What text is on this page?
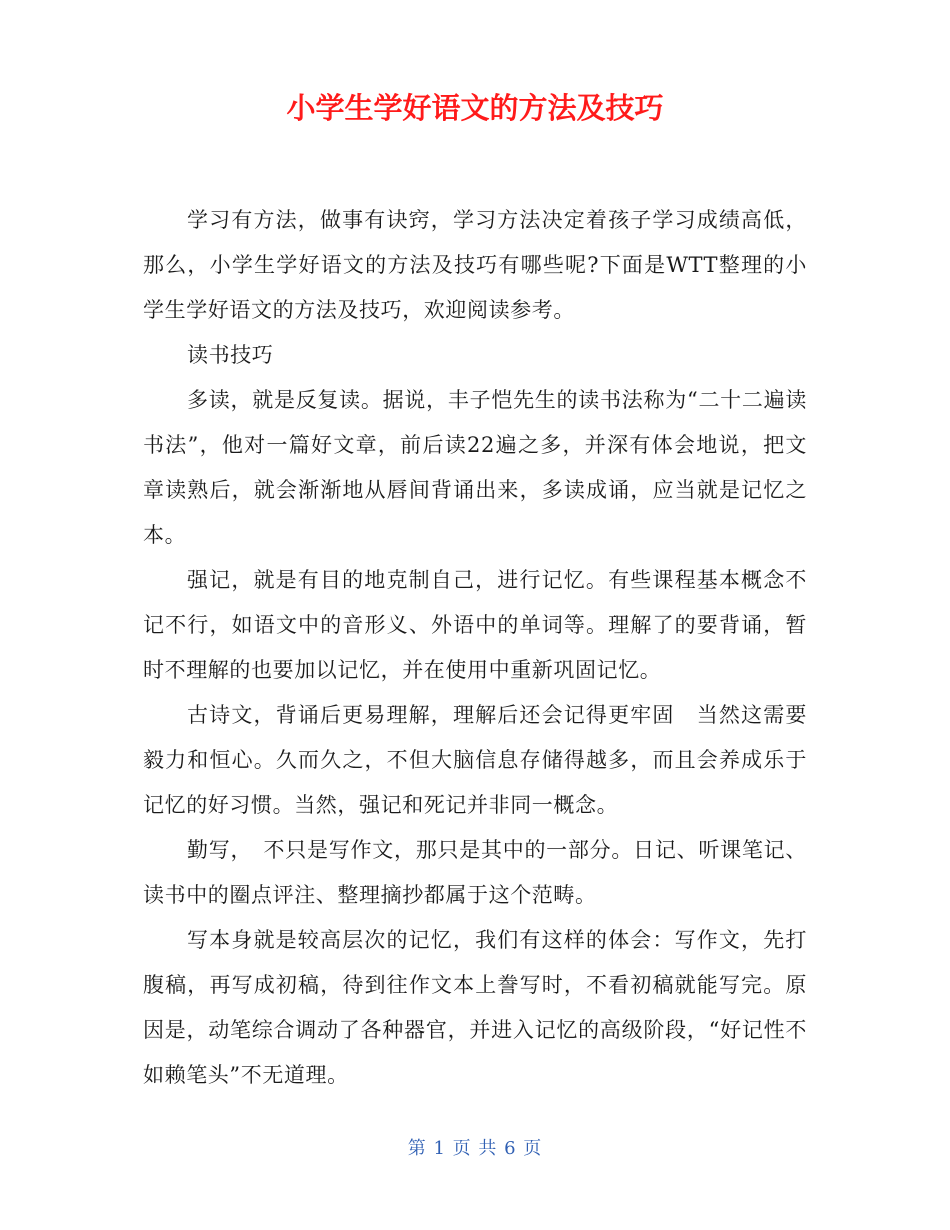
小学生学好语文的方法及技巧

学习有方法，做事有诀窍，学习方法决定着孩子学习成绩高低，那么，小学生学好语文的方法及技巧有哪些呢?下面是WTT整理的小学生学好语文的方法及技巧，欢迎阅读参考。

读书技巧

多读，就是反复读。据说，丰子恺先生的读书法称为“二十二遍读书法”，他对一篇好文章，前后读22遍之多，并深有体会地说，把文章读熟后，就会渐渐地从唇间背诵出来，多读成诵，应当就是记忆之本。

强记，就是有目的地克制自己，进行记忆。有些课程基本概念不记不行，如语文中的音形义、外语中的单词等。理解了的要背诵，暂时不理解的也要加以记忆，并在使用中重新巩固记忆。

古诗文，背诵后更易理解，理解后还会记得更牢固　当然这需要毅力和恒心。久而久之，不但大脑信息存储得越多，而且会养成乐于记忆的好习惯。当然，强记和死记并非同一概念。

勤写，　不只是写作文，那只是其中的一部分。日记、听课笔记、读书中的圈点评注、整理摘抄都属于这个范畴。

写本身就是较高层次的记忆，我们有这样的体会：写作文，先打腹稿，再写成初稿，待到往作文本上誊写时，不看初稿就能写完。原因是，动笔综合调动了各种器官，并进入记忆的高级阶段，“好记性不如赖笔头”不无道理。

第 1 页 共 6 页
